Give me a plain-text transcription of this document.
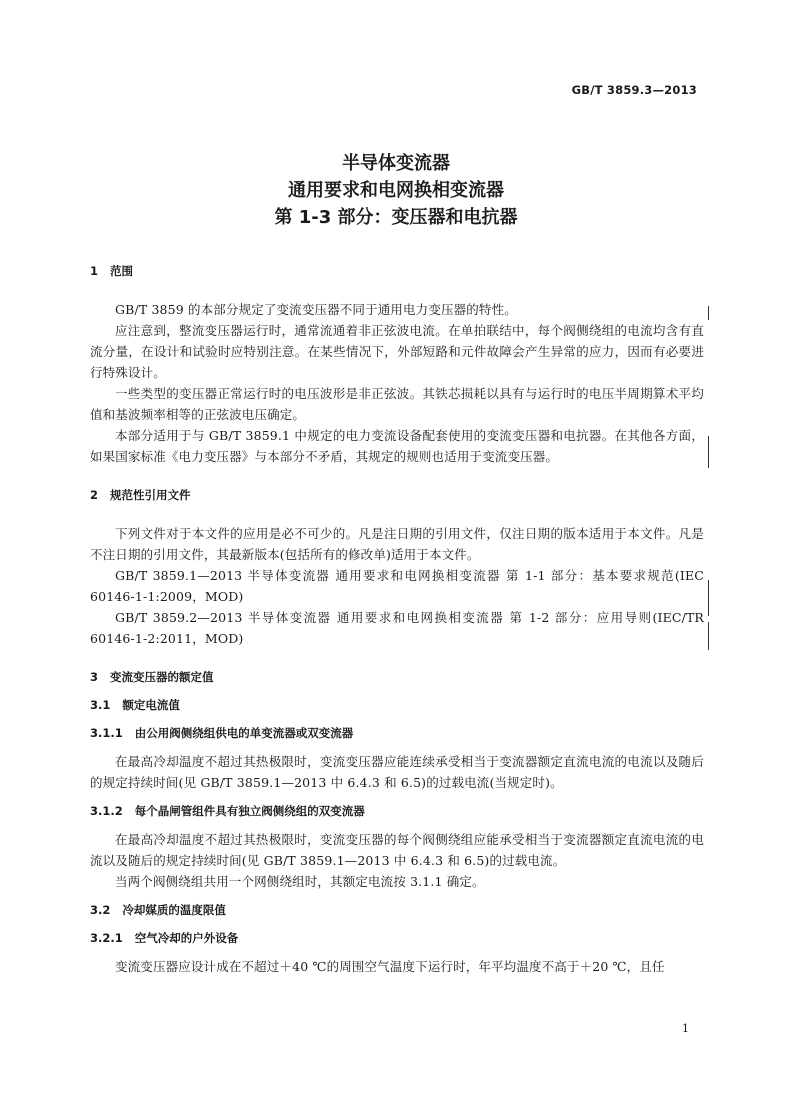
GB/T 3859.3—2013
半导体变流器
通用要求和电网换相变流器
第 1-3 部分：变压器和电抗器
1   范围
GB/T 3859 的本部分规定了变流变压器不同于通用电力变压器的特性。
应注意到，整流变压器运行时，通常流通着非正弦波电流。在单拍联结中，每个阀侧绕组的电流均含有直流分量，在设计和试验时应特别注意。在某些情况下，外部短路和元件故障会产生异常的应力，因而有必要进行特殊设计。
一些类型的变压器正常运行时的电压波形是非正弦波。其铁芯损耗以具有与运行时的电压半周期算术平均值和基波频率相等的正弦波电压确定。
本部分适用于与 GB/T 3859.1 中规定的电力变流设备配套使用的变流变压器和电抗器。在其他各方面，如果国家标准《电力变压器》与本部分不矛盾，其规定的规则也适用于变流变压器。
2   规范性引用文件
下列文件对于本文件的应用是必不可少的。凡是注日期的引用文件，仅注日期的版本适用于本文件。凡是不注日期的引用文件，其最新版本(包括所有的修改单)适用于本文件。
GB/T 3859.1—2013 半导体变流器 通用要求和电网换相变流器 第 1-1 部分：基本要求规范(IEC 60146-1-1:2009，MOD)
GB/T 3859.2—2013 半导体变流器 通用要求和电网换相变流器 第 1-2 部分：应用导则(IEC/TR 60146-1-2:2011，MOD)
3   变流变压器的额定值
3.1   额定电流值
3.1.1   由公用阀侧绕组供电的单变流器或双变流器
在最高冷却温度不超过其热极限时，变流变压器应能连续承受相当于变流器额定直流电流的电流以及随后的规定持续时间(见 GB/T 3859.1—2013 中 6.4.3 和 6.5)的过载电流(当规定时)。
3.1.2   每个晶闸管组件具有独立阀侧绕组的双变流器
在最高冷却温度不超过其热极限时，变流变压器的每个阀侧绕组应能承受相当于变流器额定直流电流的电流以及随后的规定持续时间(见 GB/T 3859.1—2013 中 6.4.3 和 6.5)的过载电流。
当两个阀侧绕组共用一个网侧绕组时，其额定电流按 3.1.1 确定。
3.2   冷却媒质的温度限值
3.2.1   空气冷却的户外设备
变流变压器应设计成在不超过＋40 ℃的周围空气温度下运行时，年平均温度不高于＋20 ℃，且任
1
